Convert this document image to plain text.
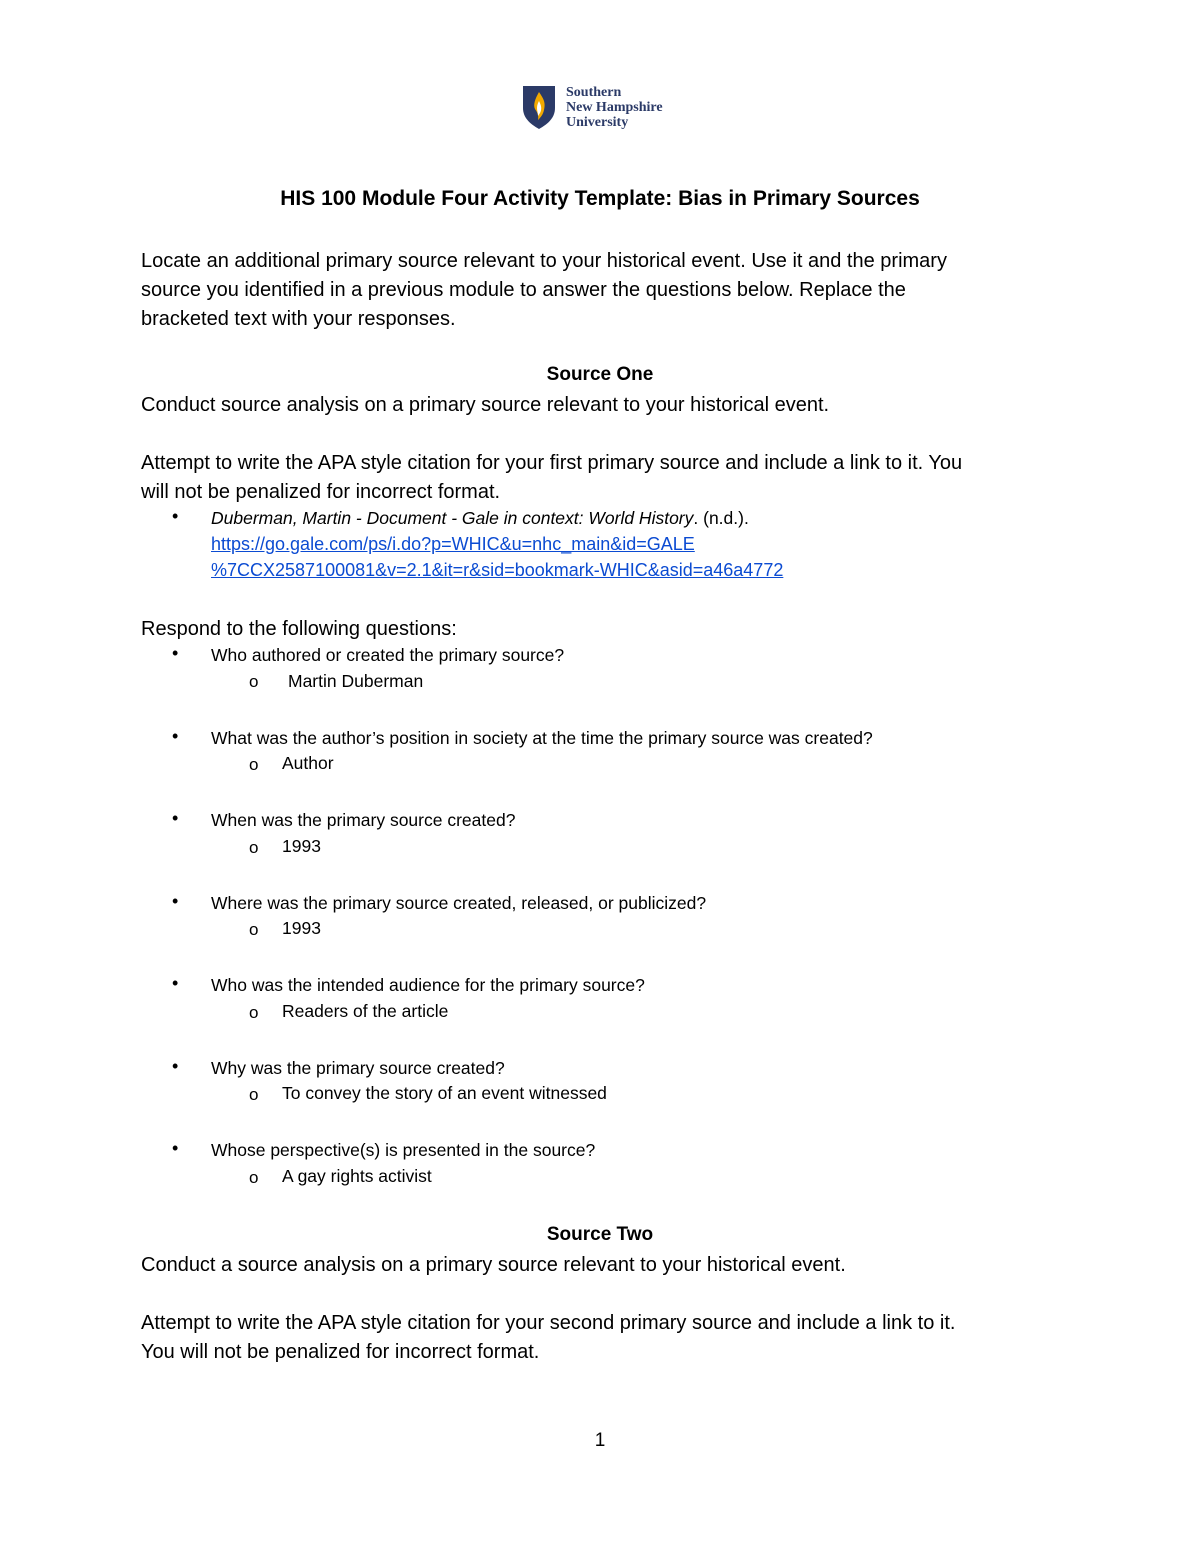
Southern
New Hampshire
University
HIS 100 Module Four Activity Template: Bias in Primary Sources
Locate an additional primary source relevant to your historical event. Use it and the primary
source you identified in a previous module to answer the questions below. Replace the
bracketed text with your responses.
Source One
Conduct source analysis on a primary source relevant to your historical event.
Attempt to write the APA style citation for your first primary source and include a link to it. You
will not be penalized for incorrect format.
• Duberman, Martin - Document - Gale in context: World History. (n.d.).
https://go.gale.com/ps/i.do?p=WHIC&u=nhc_main&id=GALE
%7CCX2587100081&v=2.1&it=r&sid=bookmark-WHIC&asid=a46a4772
Respond to the following questions:
• Who authored or created the primary source?
o Martin Duberman
• What was the author’s position in society at the time the primary source was created?
o Author
• When was the primary source created?
o 1993
• Where was the primary source created, released, or publicized?
o 1993
• Who was the intended audience for the primary source?
o Readers of the article
• Why was the primary source created?
o To convey the story of an event witnessed
• Whose perspective(s) is presented in the source?
o A gay rights activist
Source Two
Conduct a source analysis on a primary source relevant to your historical event.
Attempt to write the APA style citation for your second primary source and include a link to it.
You will not be penalized for incorrect format.
1
